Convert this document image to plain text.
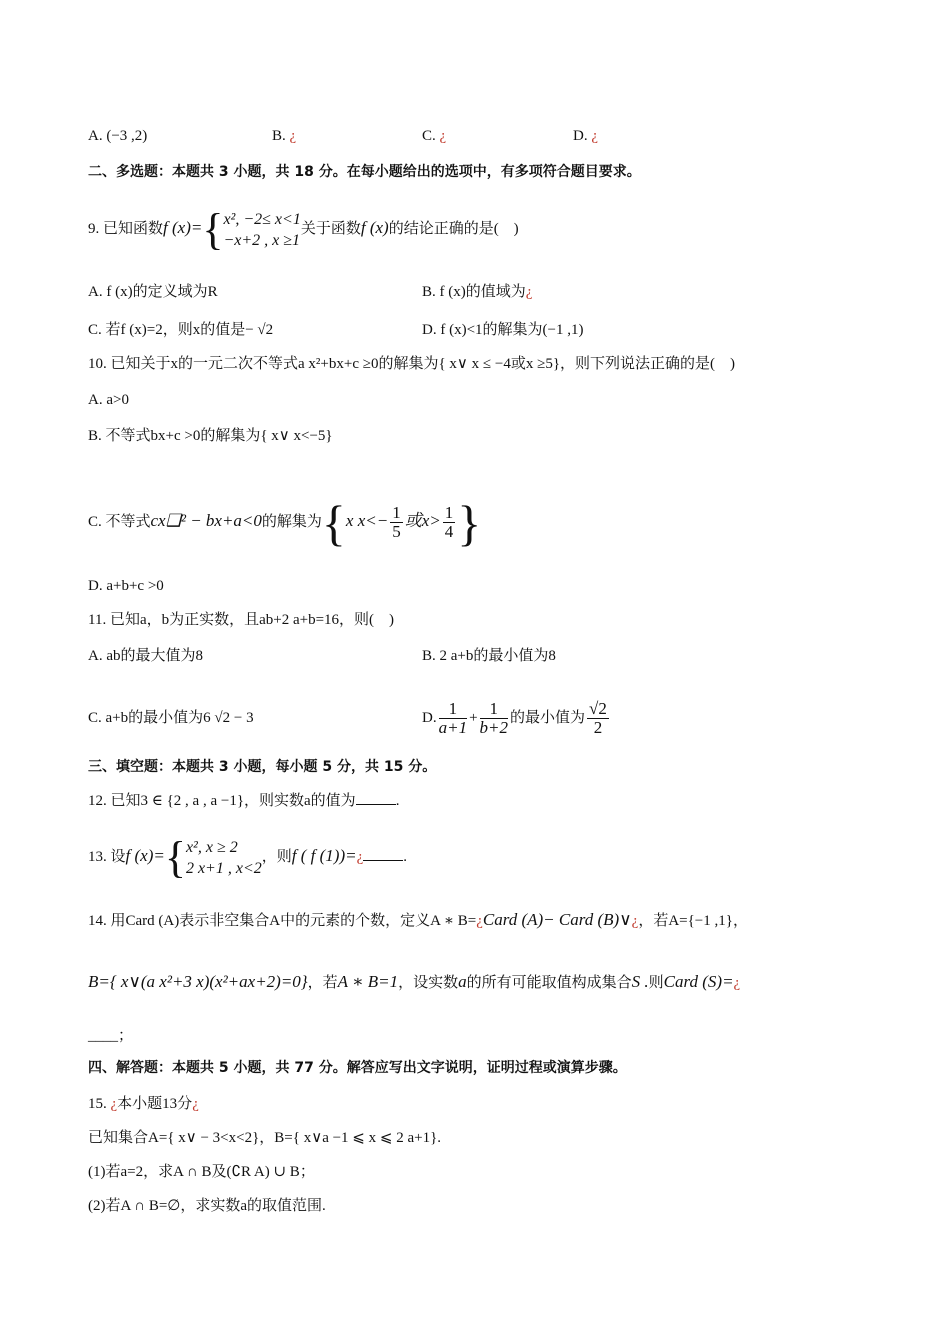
A. (−3 ,2)	B. ¿	C. ¿	D. ¿
二、多选题：本题共 3 小题，共 18 分。在每小题给出的选项中，有多项符合题目要求。
9. 已知函数f (x)={ x², −2≤ x<1
−x+2 , x ≥1
关于函数f (x)的结论正确的是(　)
A. f (x)的定义域为R	B. f (x)的值域为¿
C. 若f (x)=2，则x的值是− √2	D. f (x)<1的解集为(−1 ,1)
10. 已知关于x的一元二次不等式a x²+bx+c ≥0的解集为{ x∨ x ≤ −4或x ≥5}，则下列说法正确的是(　)
A. a>0
B. 不等式bx+c >0的解集为{ x∨ x<−5}
C. 不等式cx❑² − bx+a<0的解集为{x $x<- \frac{1}{5}$ 或$x> \frac{1}{4}$ }
D. a+b+c >0
11. 已知a，b为正实数，且ab+2 a+b=16，则(　)
A. ab的最大值为8	B. 2 a+b的最小值为8
C. a+b的最小值为6 √2 − 3	D. $\frac{1}{a+1} + \frac{1}{b+2}$ 的最小值为 $\frac{√2}{2}$
三、填空题：本题共 3 小题，每小题 5 分，共 15 分。
12. 已知3 ∈ {2 , a , a −1}，则实数a的值为	.
13. 设f (x)={ x², x ≥ 2
2 x+1 , x<2
，则f ( f (1))=¿	.
14. 用Card (A)表示非空集合A中的元素的个数，定义A ∗ B=¿Card (A)− Card (B)∨¿，若A={−1 ,1}，
B={ x∨(a x²+3 x)(x²+ax+2)=0}，若A ∗ B=1，设实数a的所有可能取值构成集合S .则Card (S)=¿
____；
四、解答题：本题共 5 小题，共 77 分。解答应写出文字说明，证明过程或演算步骤。
15. ¿本小题13分¿
已知集合A={ x∨ − 3<x<2}，B={ x∨a −1 ⩽ x ⩽ 2 a+1}.
(1)若a=2，求A ∩ B及(∁R A) ∪ B；
(2)若A ∩ B=∅，求实数a的取值范围.
